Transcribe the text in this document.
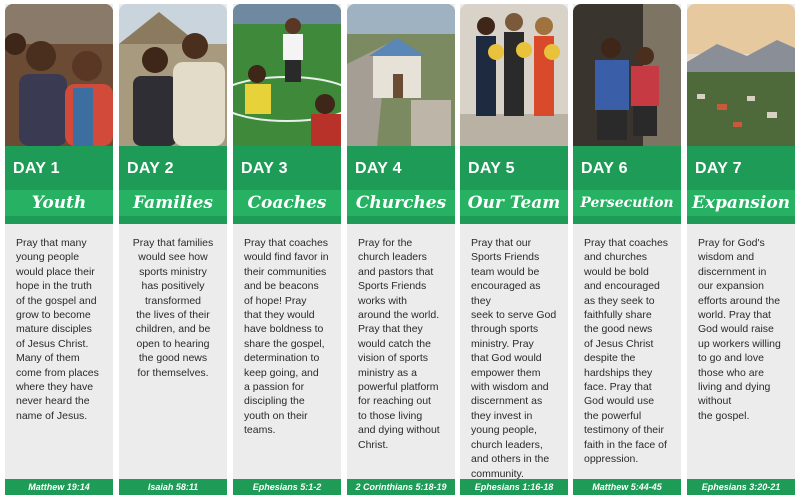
DAY 1
Youth
Pray that many
young people
would place their
hope in the truth
of the gospel and
grow to become
mature disciples
of Jesus Christ.
Many of them
come from places
where they have
never heard the
name of Jesus.
Matthew 19:14
DAY 2
Families
Pray that families
would see how
sports ministry
has positively
transformed
the lives of their
children, and be
open to hearing
the good news
for themselves.
Isaiah 58:11
DAY 3
Coaches
Pray that coaches
would find favor in
their communities
and be beacons
of hope! Pray
that they would
have boldness to
share the gospel,
determination to
keep going, and
a passion for
discipling the
youth on their
teams.
Ephesians 5:1-2
DAY 4
Churches
Pray for the
church leaders
and pastors that
Sports Friends
works with
around the world.
Pray that they
would catch the
vision of sports
ministry as a
powerful platform
for reaching out
to those living
and dying without
Christ.
2 Corinthians 5:18-19
DAY 5
Our Team
Pray that our
Sports Friends
team would be
encouraged as they
seek to serve God
through sports
ministry. Pray
that God would
empower them
with wisdom and
discernment as
they invest in
young people,
church leaders,
and others in the
community.
Ephesians 1:16-18
DAY 6
Persecution
Pray that coaches
and churches
would be bold
and encouraged
as they seek to
faithfully share
the good news
of Jesus Christ
despite the
hardships they
face. Pray that
God would use
the powerful
testimony of their
faith in the face of
oppression.
Matthew 5:44-45
DAY 7
Expansion
Pray for God's
wisdom and
discernment in
our expansion
efforts around the
world. Pray that
God would raise
up workers willing
to go and love
those who are
living and dying
without
the gospel.
Ephesians 3:20-21
